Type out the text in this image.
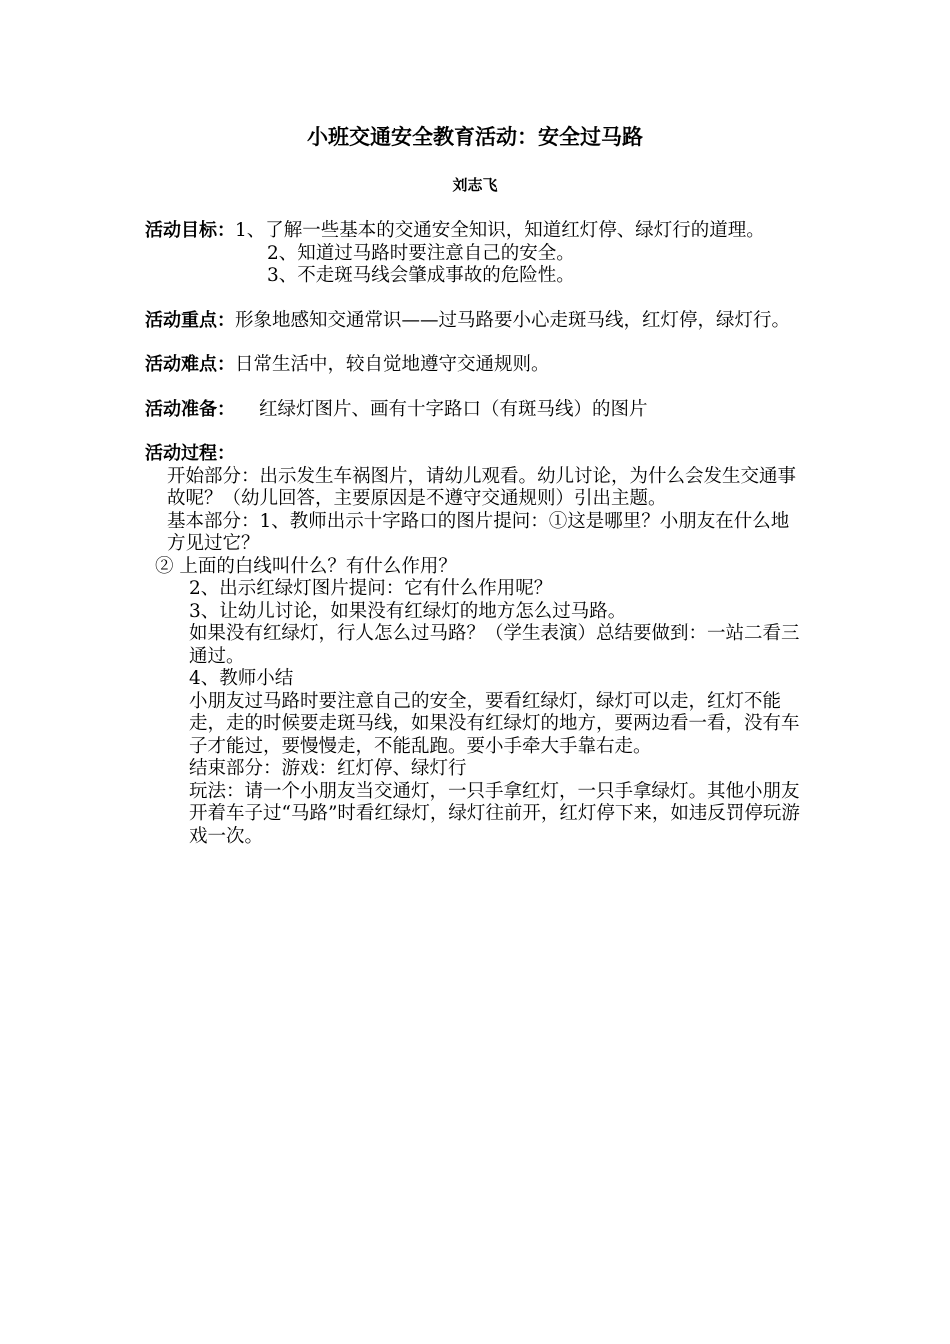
小班交通安全教育活动：安全过马路
刘志飞

活动目标：1、了解一些基本的交通安全知识，知道红灯停、绿灯行的道理。

2、知道过马路时要注意自己的安全。

3、不走斑马线会肇成事故的危险性。

活动重点：形象地感知交通常识——过马路要小心走斑马线，红灯停，绿灯行。

活动难点：日常生活中，较自觉地遵守交通规则。

活动准备： 红绿灯图片、画有十字路口（有斑马线）的图片

活动过程：

开始部分：出示发生车祸图片，请幼儿观看。幼儿讨论，为什么会发生交通事故呢？（幼儿回答，主要原因是不遵守交通规则）引出主题。

基本部分：1、教师出示十字路口的图片提问：①这是哪里？小朋友在什么地方见过它？

② 上面的白线叫什么？有什么作用？

2、出示红绿灯图片提问：它有什么作用呢？

3、让幼儿讨论，如果没有红绿灯的地方怎么过马路。

如果没有红绿灯，行人怎么过马路？（学生表演）总结要做到：一站二看三通过。

4、教师小结

小朋友过马路时要注意自己的安全，要看红绿灯，绿灯可以走，红灯不能走，走的时候要走斑马线，如果没有红绿灯的地方，要两边看一看，没有车子才能过，要慢慢走，不能乱跑。要小手牵大手靠右走。

结束部分：游戏：红灯停、绿灯行

玩法：请一个小朋友当交通灯，一只手拿红灯，一只手拿绿灯。其他小朋友开着车子过“马路”时看红绿灯，绿灯往前开，红灯停下来，如违反罚停玩游戏一次。
